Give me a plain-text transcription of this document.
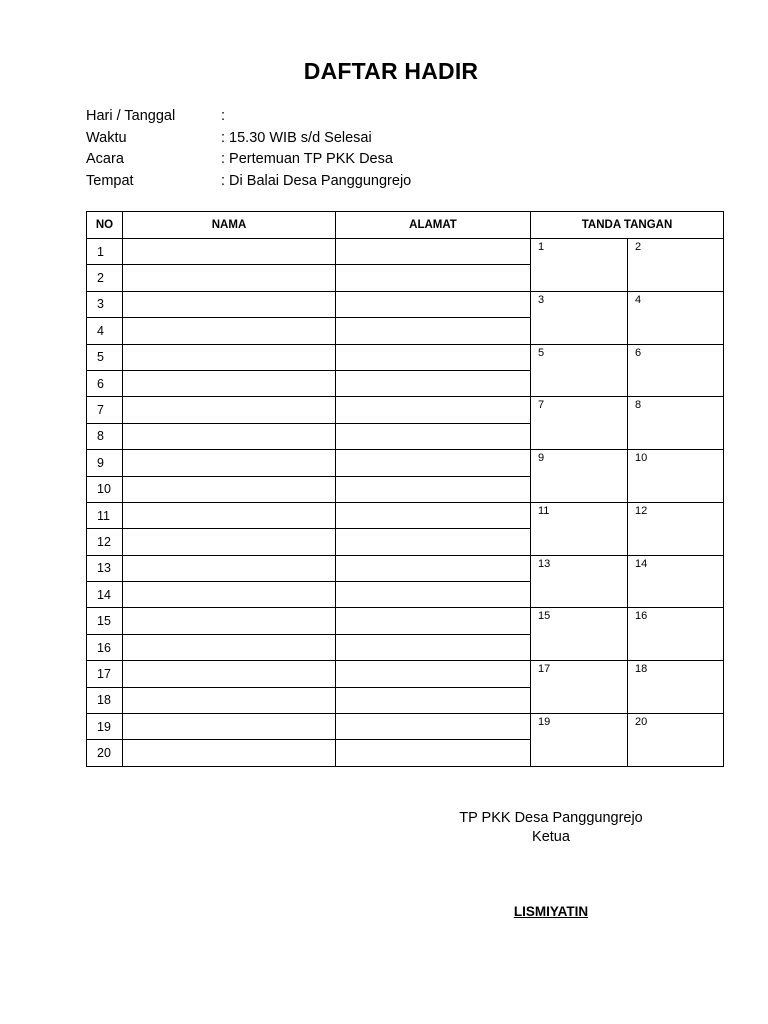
DAFTAR HADIR
Hari / Tanggal	:
Waktu	: 15.30 WIB s/d Selesai
Acara	: Pertemuan TP PKK Desa
Tempat	: Di Balai Desa Panggungrejo
NO	NAMA	ALAMAT	TANDA TANGAN	
1			1	2
2				
3			3	4
4				
5			5	6
6				
7			7	8
8				
9			9	10
10				
11			11	12
12				
13			13	14
14				
15			15	16
16				
17			17	18
18				
19			19	20
20				
TP PKK Desa Panggungrejo
Ketua
LISMIYATIN
